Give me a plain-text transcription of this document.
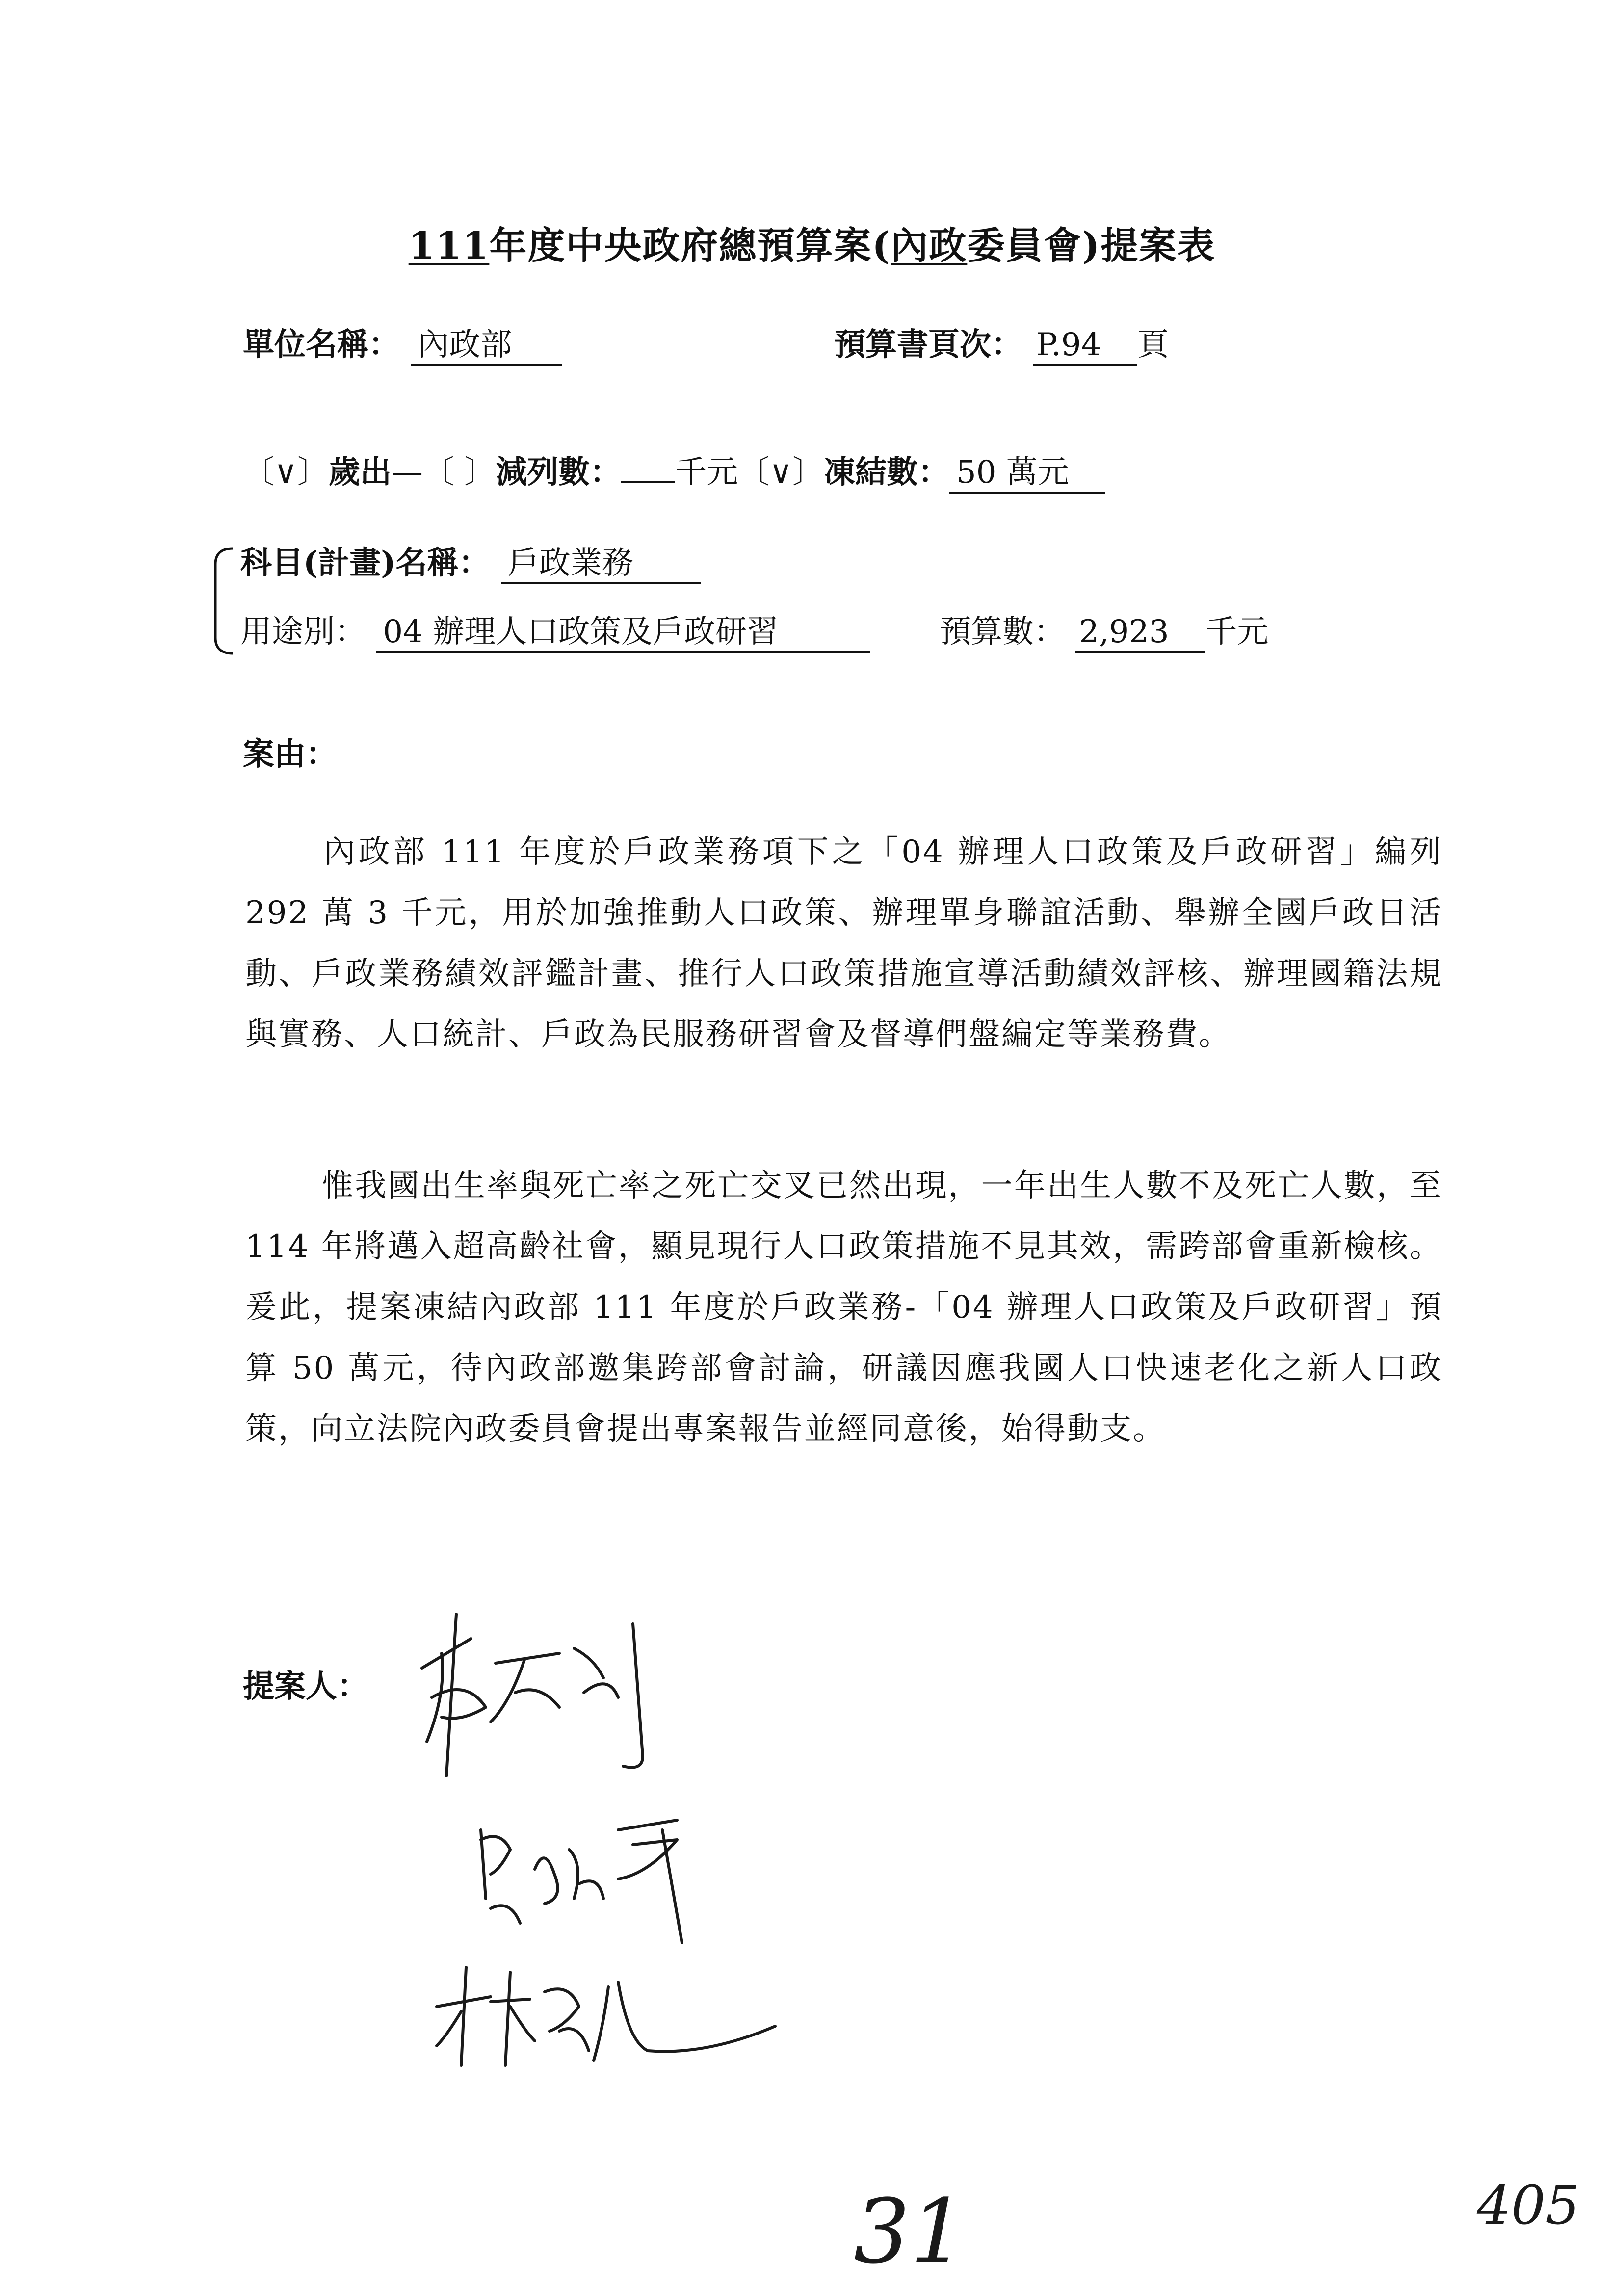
111年度中央政府總預算案(內政委員會)提案表
單位名稱： 內政部	預算書頁次： P.94 頁
〔∨〕歲出—〔 〕減列數： 千元〔∨〕凍結數： 50 萬元
科目(計畫)名稱： 戶政業務
用途別： 04 辦理人口政策及戶政研習	預算數： 2,923 千元
案由：
內政部 111 年度於戶政業務項下之「04 辦理人口政策及戶政研習」編列 292 萬 3 千元，用於加強推動人口政策、辦理單身聯誼活動、舉辦全國戶政日活動、戶政業務績效評鑑計畫、推行人口政策措施宣導活動績效評核、辦理國籍法規與實務、人口統計、戶政為民服務研習會及督導們盤編定等業務費。
惟我國出生率與死亡率之死亡交叉已然出現，一年出生人數不及死亡人數，至 114 年將邁入超高齡社會，顯見現行人口政策措施不見其效，需跨部會重新檢核。爰此，提案凍結內政部 111 年度於戶政業務-「04 辦理人口政策及戶政研習」預算 50 萬元，待內政部邀集跨部會討論，研議因應我國人口快速老化之新人口政策，向立法院內政委員會提出專案報告並經同意後，始得動支。
提案人：
31	405
